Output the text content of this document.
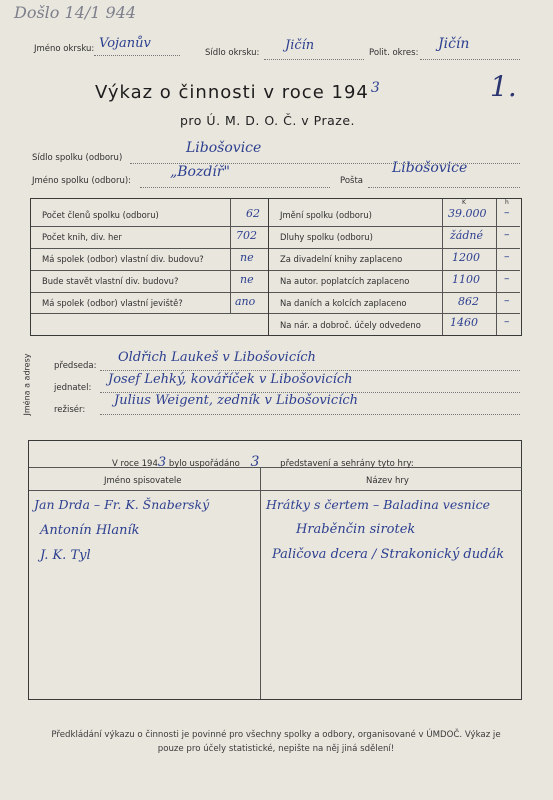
Došlo 14/1 944
Jméno okrsku: Vojanův
Sídlo okrsku: Jičín	Polit. okres:
Jičín
Výkaz o činnosti v roce 194 $^3$	1.
pro Ú. M. D. O. Č. v Praze.
Sídlo spolku (odboru)
Libošovice
Jméno spolku (odboru):
„Bozdíř"
Pošta
Libošovice
K	h
Počet členů spolku (odboru)	62
Počet knih, div. her	702
Má spolek (odbor) vlastní div. budovu?	ne
Bude stavět vlastní div. budovu?	ne
Má spolek (odbor) vlastní jeviště?	ano
Jmění spolku (odboru)	39.000 –
Dluhy spolku (odboru)	žádné –
Za divadelní knihy zaplaceno	1200 –
Na autor. poplatcích zaplaceno	1100 –
Na daních a kolcích zaplaceno	862 –
Na nár. a dobroč. účely odvedeno	1460 –
Jména a adresy	předseda:
Oldřich Laukeš v Libošovicích
jednatel:
Josef Lehký, kováříček v Libošovicích
režisér:
Julius Weigent, zedník v Libošovicích
V roce 1943 bylo uspořádáno 3 představení a sehrány tyto hry:
Jméno spisovatele	Název hry
Jan Drda – Fr. K. Šnaberský	Hrátky s čertem – Baladina vesnice
Antonín Hlaník	Hraběnčin sirotek
J. K. Tyl	Paličova dcera / Strakonický dudák
Předkládání výkazu o činnosti je povinné pro všechny spolky a odbory, organisované v ÚMDOČ. Výkaz je
pouze pro účely statistické, nepište na něj jiná sdělení!
